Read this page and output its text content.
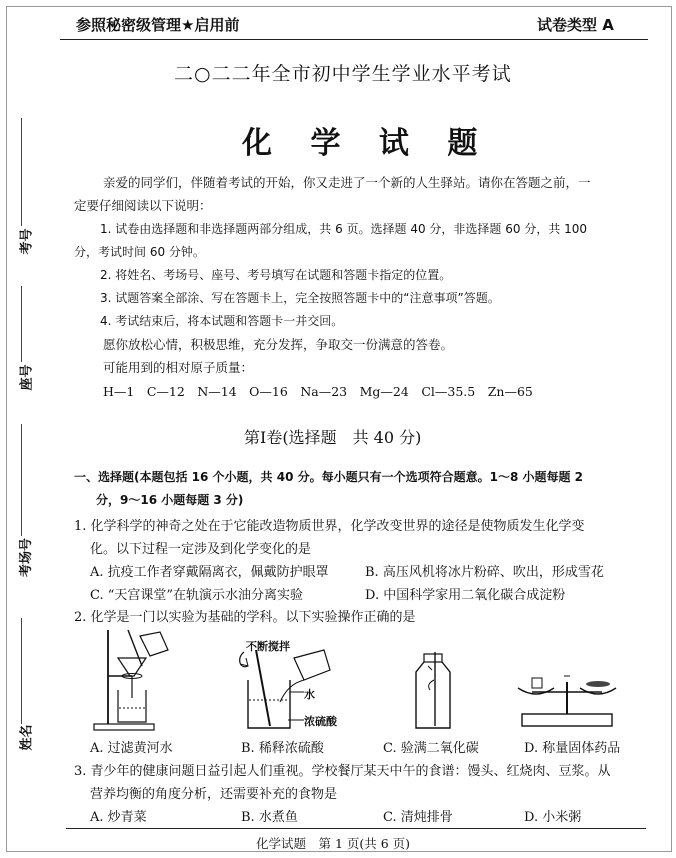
参照秘密级管理★启用前	试卷类型 A
二○二二年全市初中学生学业水平考试
化 学 试 题
考号
座号
考场号
姓名
亲爱的同学们，伴随着考试的开始，你又走进了一个新的人生驿站。请你在答题之前，一
定要仔细阅读以下说明：
1. 试卷由选择题和非选择题两部分组成，共 6 页。选择题 40 分，非选择题 60 分，共 100
分，考试时间 60 分钟。
2. 将姓名、考场号、座号、考号填写在试题和答题卡指定的位置。
3. 试题答案全部涂、写在答题卡上，完全按照答题卡中的“注意事项”答题。
4. 考试结束后，将本试题和答题卡一并交回。
愿你放松心情，积极思维，充分发挥，争取交一份满意的答卷。
可能用到的相对原子质量：
H—1　C—12　N—14　O—16　Na—23　Mg—24　Cl—35.5　Zn—65
第Ⅰ卷(选择题　共 40 分)
一、选择题(本题包括 16 个小题，共 40 分。每小题只有一个选项符合题意。1～8 小题每题 2
分，9～16 小题每题 3 分)
1. 化学科学的神奇之处在于它能改造物质世界，化学改变世界的途径是使物质发生化学变
化。以下过程一定涉及到化学变化的是
A. 抗疫工作者穿戴隔离衣，佩戴防护眼罩	B. 高压风机将冰片粉碎、吹出，形成雪花
C. “天宫课堂”在轨演示水油分离实验	D. 中国科学家用二氧化碳合成淀粉
2. 化学是一门以实验为基础的学科。以下实验操作正确的是
不断搅拌
水
浓硫酸
A. 过滤黄河水	B. 稀释浓硫酸	C. 验满二氧化碳	D. 称量固体药品
3. 青少年的健康问题日益引起人们重视。学校餐厅某天中午的食谱：馒头、红烧肉、豆浆。从
营养均衡的角度分析，还需要补充的食物是
A. 炒青菜	B. 水煮鱼	C. 清炖排骨	D. 小米粥
化学试题　第 1 页(共 6 页)
